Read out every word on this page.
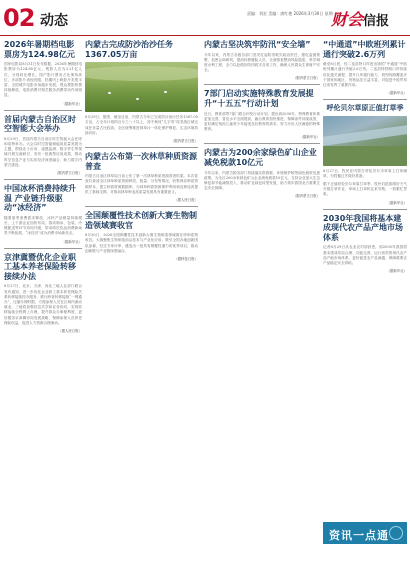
02 动态	责编：刘宏 美编：唐红艳 2026年3月30日 星期一
财会信报
2026年暑期档电影票房为124.98亿元
国家电影局8月31日发布数据，2026年暑期档电影票房为124.98亿元，观影人次为3.21亿人次，分别同比增长。国产影片票房占比保持高位，多部影片表现亮眼，档期内上映影片类型丰富，全国城乡电影市场稳步发展，观众观影热情持续释放，电影消费对相关服务消费带动作用明显。
（据新华社）
首届内蒙古自治区时空智能大会举办
8月29日，首届内蒙古自治区时空智能大会在呼和浩特举办。大会以时空智能赋能高质量发展为主题，围绕北斗应用、遥感监测、数字孪生等领域开展交流研讨，发布一批典型应用成果，推动时空信息产业与实体经济深度融合，助力数字内蒙古建设。
（据内蒙古日报）
中国冰杯消费持续升温 产业链升级驱动“冰经济”
随着夏季消费需求释放，冰杯产品销量持续增长，上下游企业加快布局，推动制冰、包装、冷链配送等环节协同升级，带动即饮饮品消费新场景不断拓展，“冰经济”成为消费市场新亮点。
（据新华社）
京津冀暨优化企业职工基本养老保险转移接续办法
8月27日，北京、天津、河北三地人社部门联合发布通知，进一步优化企业职工基本养老保险关系转移接续经办服务，推行跨省转移接续“一网通办”，压缩办理时限，方便参保人员在区域内流动就业。三地将加强信息共享和业务协同，实现转移接续全程网上办理，提升群众办事便利度，更好服务京津冀协同发展战略，保障参保人员养老保险权益，促进人力资源合理流动。
（据人民日报）
内蒙古完成防沙治沙任务1367.05万亩
8月29日，据悉，截至目前，内蒙古今年已完成防沙治沙任务1367.05万亩，占全年计划的百分之八十以上，其中黄河“几字弯”攻坚战区域完成任务量占比较高，全区统筹推进林草沙一体化保护修复，生态环境持续向好。
（据内蒙古日报）
内蒙古公布第一次林草种质资源普查
内蒙古自治区林草局日前公布了第一次林草种质资源普查结果。本次普查共查清全区林草种质资源种类、数量、分布等情况，收集保存种质资源样本，建立种质资源数据库，为林草种质资源保护利用和良种选育提供了基础支撑，对推动林草种业高质量发展具有重要意义。
（据人民日报）
全国颠覆性技术创新大赛生物制造领域赛收官
8月30日，2026全国颠覆性技术创新大赛生物制造领域赛在呼和浩特收官。大赛聚焦生物制造前沿技术与产业化应用，吸引全国各地创新团队参赛，经过专家评审，遴选出一批具有颠覆性潜力的优秀项目，推动创新链与产业链深度融合。
（据科技日报）
内蒙古坚决筑牢防汛“安全墙”
今年以来，内蒙古各级各部门坚决扛起防汛救灾政治责任，强化监测预警，加密会商研判，提前转移避险人员，全面排查整治风险隐患，科学调度水利工程，全力以赴做好防汛救灾各项工作，确保人民群众生命财产安全。
（据内蒙古日报）
7部门启动实施特殊教育发展提升“十五五”行动计划
近日，教育部等7部门联合印发行动计划，提出到2030年，特殊教育体系更加完善，普及水平全面提高，融合教育加快推进，保障条件持续改善，更好满足残疾儿童青少年接受良好教育的需求，努力办好人民满意的特殊教育。
（据新华社）
内蒙古为200余家绿色矿山企业减免税款10亿元
今年以来，内蒙古税务部门持续落实资源税、环境保护税等绿色税收优惠政策，为全区200余家绿色矿山企业减免税款10亿元，支持企业加大生态修复和节能减排投入，推动矿业绿色转型发展，助力筑牢我国北方重要生态安全屏障。
（据内蒙古日报）
“中通道”中欧班列累计通行突破2.6万列
截至8月底，经二连浩特口岸进出境的“中通道”中欧班列累计通行突破2.6万列。二连浩特铁路口岸持续优化通关流程，提升口岸通行能力，班列线路覆盖多个国家和地区，货物品类日益丰富，对促进中欧贸易往来发挥了重要作用。
（据新华社）
呼伦贝尔草原正值打草季
8月27日，牧民在内蒙古呼伦贝尔市草原上打草储草，为牲畜过冬做好准备。
眼下正值呼伦贝尔草原打草季，牧民们抢抓晴好天气开展打草作业，草场上打草机往来穿梭，一派繁忙景象。
（据新华社）
2030年我国将基本建成现代农产品产地市场体系
记者8月29日从农业农村部获悉，到2030年我国将基本建成布局合理、功能完善、运行高效的现代农产品产地市场体系，更好促进农产品流通，保障重要农产品稳定安全供给。
（据新华社）
资讯一点通
